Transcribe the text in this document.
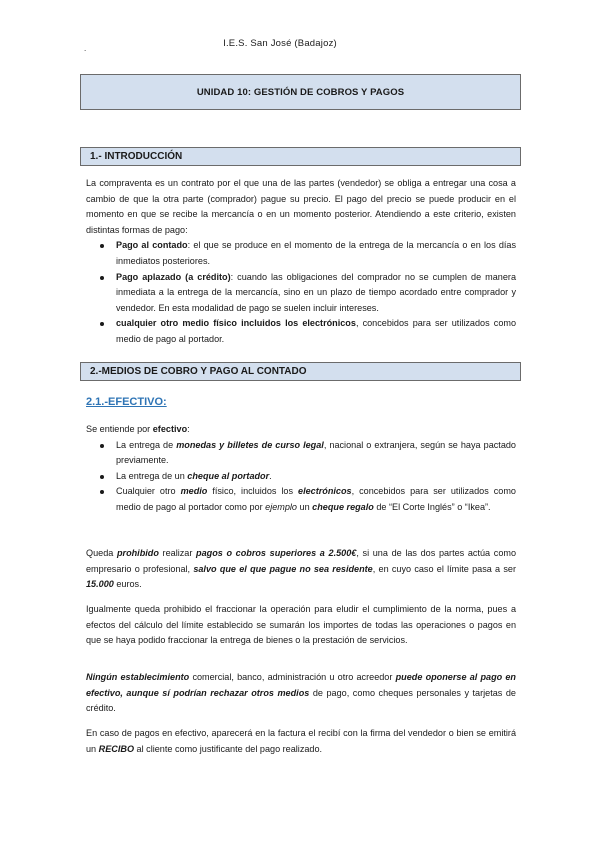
I.E.S. San José (Badajoz)
.
UNIDAD 10: GESTIÓN DE COBROS Y PAGOS
1.- INTRODUCCIÓN

La compraventa es un contrato por el que una de las partes (vendedor) se obliga a entregar una cosa a cambio de que la otra parte (comprador) pague su precio. El pago del precio se puede producir en el momento en que se recibe la mercancía o en un momento posterior. Atendiendo a este criterio, existen distintas formas de pago:

Pago al contado: el que se produce en el momento de la entrega de la mercancía o en los días inmediatos posteriores.
Pago aplazado (a crédito): cuando las obligaciones del comprador no se cumplen de manera inmediata a la entrega de la mercancía, sino en un plazo de tiempo acordado entre comprador y vendedor. En esta modalidad de pago se suelen incluir intereses.
cualquier otro medio físico incluidos los electrónicos, concebidos para ser utilizados como medio de pago al portador.
2.-MEDIOS DE COBRO Y PAGO AL CONTADO
2.1.-EFECTIVO:

Se entiende por efectivo:

La entrega de monedas y billetes de curso legal, nacional o extranjera, según se haya pactado previamente.
La entrega de un cheque al portador.
Cualquier otro medio físico, incluidos los electrónicos, concebidos para ser utilizados como medio de pago al portador como por ejemplo un cheque regalo de “El Corte Inglés” o “Ikea”.
Queda prohibido realizar pagos o cobros superiores a 2.500€, si una de las dos partes actúa como empresario o profesional, salvo que el que pague no sea residente, en cuyo caso el límite pasa a ser 15.000 euros.
Igualmente queda prohibido el fraccionar la operación para eludir el cumplimiento de la norma, pues a efectos del cálculo del límite establecido se sumarán los importes de todas las operaciones o pagos en que se haya podido fraccionar la entrega de bienes o la prestación de servicios.
Ningún establecimiento comercial, banco, administración u otro acreedor puede oponerse al pago en efectivo, aunque sí podrían rechazar otros medios de pago, como cheques personales y tarjetas de crédito.
En caso de pagos en efectivo, aparecerá en la factura el recibí con la firma del vendedor o bien se emitirá un RECIBO al cliente como justificante del pago realizado.
